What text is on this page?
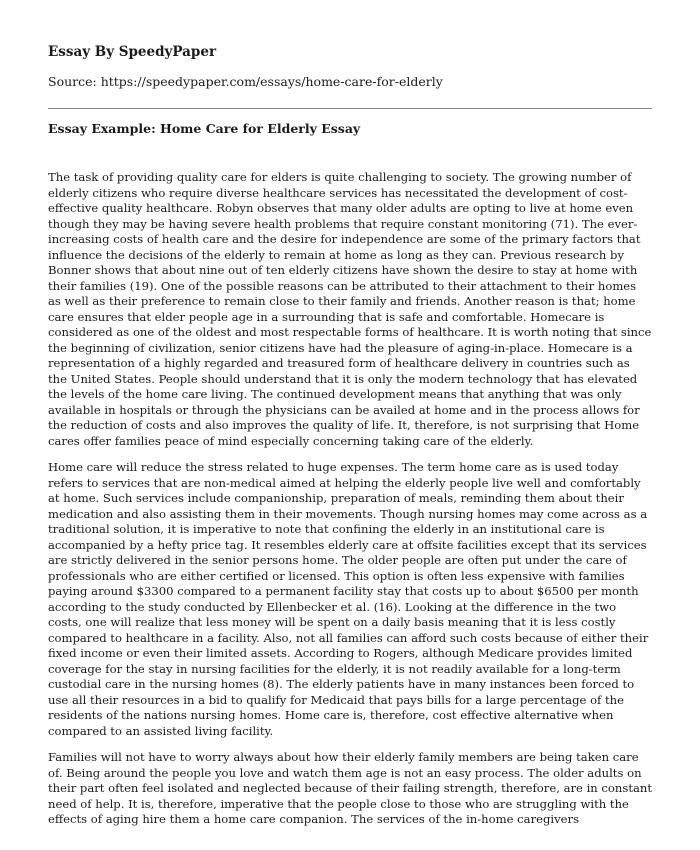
Essay By SpeedyPaper
Source: https://speedypaper.com/essays/home-care-for-elderly
Essay Example: Home Care for Elderly Essay

The task of providing quality care for elders is quite challenging to society. The growing number of elderly citizens who require diverse healthcare services has necessitated the development of cost-effective quality healthcare. Robyn observes that many older adults are opting to live at home even though they may be having severe health problems that require constant monitoring (71). The ever-increasing costs of health care and the desire for independence are some of the primary factors that influence the decisions of the elderly to remain at home as long as they can. Previous research by Bonner shows that about nine out of ten elderly citizens have shown the desire to stay at home with their families (19). One of the possible reasons can be attributed to their attachment to their homes as well as their preference to remain close to their family and friends. Another reason is that; home care ensures that elder people age in a surrounding that is safe and comfortable. Homecare is considered as one of the oldest and most respectable forms of healthcare. It is worth noting that since the beginning of civilization, senior citizens have had the pleasure of aging-in-place. Homecare is a representation of a highly regarded and treasured form of healthcare delivery in countries such as the United States. People should understand that it is only the modern technology that has elevated the levels of the home care living. The continued development means that anything that was only available in hospitals or through the physicians can be availed at home and in the process allows for the reduction of costs and also improves the quality of life. It, therefore, is not surprising that Home cares offer families peace of mind especially concerning taking care of the elderly.

Home care will reduce the stress related to huge expenses. The term home care as is used today refers to services that are non-medical aimed at helping the elderly people live well and comfortably at home. Such services include companionship, preparation of meals, reminding them about their medication and also assisting them in their movements. Though nursing homes may come across as a traditional solution, it is imperative to note that confining the elderly in an institutional care is accompanied by a hefty price tag. It resembles elderly care at offsite facilities except that its services are strictly delivered in the senior persons home. The older people are often put under the care of professionals who are either certified or licensed. This option is often less expensive with families paying around $3300 compared to a permanent facility stay that costs up to about $6500 per month according to the study conducted by Ellenbecker et al. (16). Looking at the difference in the two costs, one will realize that less money will be spent on a daily basis meaning that it is less costly compared to healthcare in a facility. Also, not all families can afford such costs because of either their fixed income or even their limited assets. According to Rogers, although Medicare provides limited coverage for the stay in nursing facilities for the elderly, it is not readily available for a long-term custodial care in the nursing homes (8). The elderly patients have in many instances been forced to use all their resources in a bid to qualify for Medicaid that pays bills for a large percentage of the residents of the nations nursing homes. Home care is, therefore, cost effective alternative when compared to an assisted living facility.

Families will not have to worry always about how their elderly family members are being taken care of. Being around the people you love and watch them age is not an easy process. The older adults on their part often feel isolated and neglected because of their failing strength, therefore, are in constant need of help. It is, therefore, imperative that the people close to those who are struggling with the effects of aging hire them a home care companion. The services of the in-home caregivers
